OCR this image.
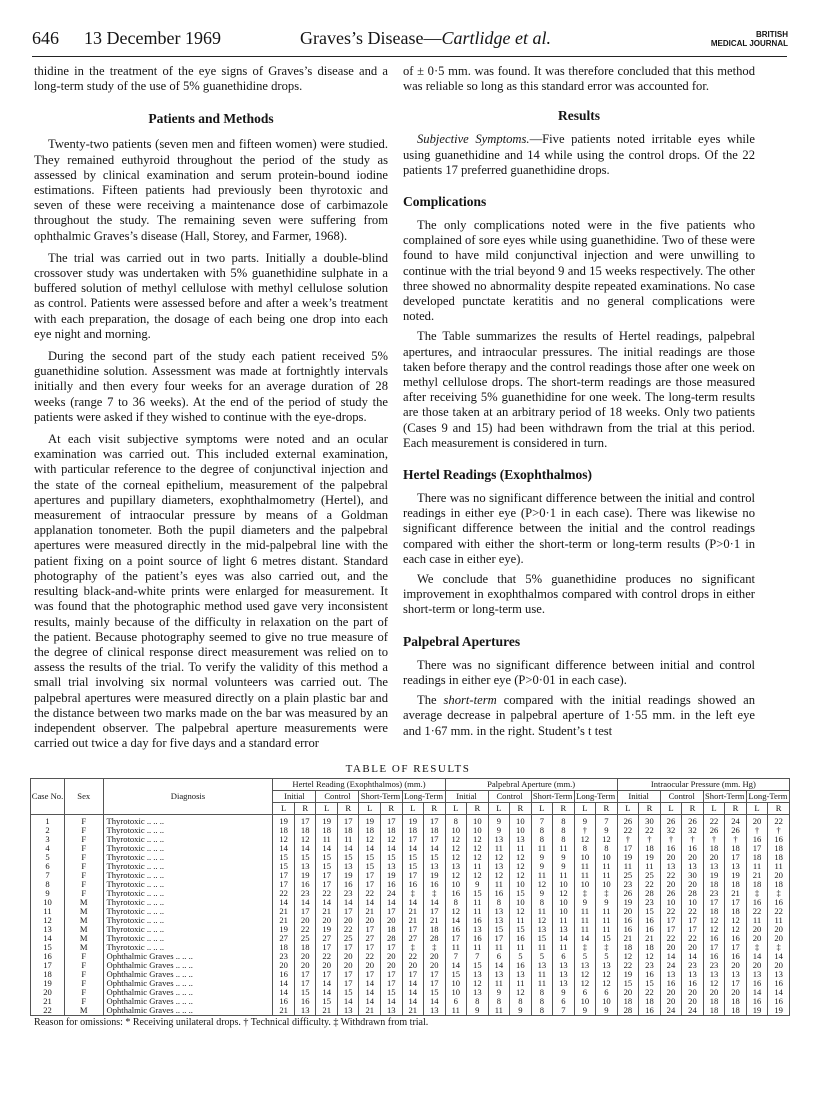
646 13 December 1969	Graves’s Disease—Cartlidge et al.	BRITISH
MEDICAL JOURNAL

thidine in the treatment of the eye signs of Graves’s disease and a long-term study of the use of 5% guanethidine drops.

Patients and Methods

Twenty-two patients (seven men and fifteen women) were studied. They remained euthyroid throughout the period of the study as assessed by clinical examination and serum protein-bound iodine estimations. Fifteen patients had previously been thyrotoxic and seven of these were receiving a maintenance dose of carbimazole throughout the study. The remaining seven were suffering from ophthalmic Graves’s disease (Hall, Storey, and Farmer, 1968).

The trial was carried out in two parts. Initially a double-blind crossover study was undertaken with 5% guanethidine sulphate in a buffered solution of methyl cellulose with methyl cellulose solution as control. Patients were assessed before and after a week’s treatment with each preparation, the dosage of each being one drop into each eye night and morning.

During the second part of the study each patient received 5% guanethidine solution. Assessment was made at fortnightly intervals initially and then every four weeks for an average duration of 28 weeks (range 7 to 36 weeks). At the end of the period of study the patients were asked if they wished to continue with the eye-drops.

At each visit subjective symptoms were noted and an ocular examination was carried out. This included external examination, with particular reference to the degree of conjunctival injection and the state of the corneal epithelium, measurement of the palpebral apertures and pupillary diameters, exophthalmometry (Hertel), and measurement of intraocular pressure by means of a Goldman applanation tonometer. Both the pupil diameters and the palpebral apertures were measured directly in the mid-palpebral line with the patient fixing on a point source of light 6 metres distant. Standard photography of the patient’s eyes was also carried out, and the resulting black-and-white prints were enlarged for measurement. It was found that the photographic method used gave very inconsistent results, mainly because of the difficulty in relaxation on the part of the patient. Because photography seemed to give no true measure of the degree of clinical response direct measurement was relied on to assess the results of the trial. To verify the validity of this method a small trial involving six normal volunteers was carried out. The palpebral apertures were measured directly on a plain plastic bar and the distance between two marks made on the bar was measured by an independent observer. The palpebral aperture measurements were carried out twice a day for five days and a standard error

of ± 0·5 mm. was found. It was therefore concluded that this method was reliable so long as this standard error was accounted for.

Results

Subjective Symptoms.—Five patients noted irritable eyes while using guanethidine and 14 while using the control drops. Of the 22 patients 17 preferred guanethidine drops.

Complications

The only complications noted were in the five patients who complained of sore eyes while using guanethidine. Two of these were found to have mild conjunctival injection and were unwilling to continue with the trial beyond 9 and 15 weeks respectively. The other three showed no abnormality despite repeated examinations. No case developed punctate keratitis and no general complications were noted.

The Table summarizes the results of Hertel readings, palpebral apertures, and intraocular pressures. The initial readings are those taken before therapy and the control readings those after one week on methyl cellulose drops. The short-term readings are those measured after receiving 5% guanethidine for one week. The long-term results are those taken at an arbitrary period of 18 weeks. Only two patients (Cases 9 and 15) had been withdrawn from the trial at this period. Each measurement is considered in turn.

Hertel Readings (Exophthalmos)

There was no significant difference between the initial and control readings in either eye (P>0·1 in each case). There was likewise no significant difference between the initial and the control readings compared with either the short-term or long-term results (P>0·1 in each case in either eye).

We conclude that 5% guanethidine produces no significant improvement in exophthalmos compared with control drops in either short-term or long-term use.

Palpebral Apertures

There was no significant difference between initial and control readings in either eye (P>0·01 in each case).

The short-term compared with the initial readings showed an average decrease in palpebral aperture of 1·55 mm. in the left eye and 1·67 mm. in the right. Student’s t test

TABLE OF RESULTS
Case No.	Sex	Diagnosis	Hertel Reading (Exophthalmos) (mm.)								Palpebral Aperture (mm.)								Intraocular Pressure (mm. Hg)							
			Initial		Control		Short-Term		Long-Term		Initial		Control		Short-Term		Long-Term		Initial		Control		Short-Term		Long-Term	
			L	R	L	R	L	R	L	R	L	R	L	R	L	R	L	R	L	R	L	R	L	R	L	R
1	F	Thyrotoxic .. .. ..	19	17	19	17	19	17	19	17	8	10	9	10	7	8	9	7	26	30	26	26	22	24	20	22
2	F	Thyrotoxic .. .. ..	18	18	18	18	18	18	18	18	10	10	9	10	8	8	†	9	22	22	32	32	26	26	†	†
3	F	Thyrotoxic .. .. ..	12	12	11	11	12	12	17	17	12	12	13	13	8	8	12	12	†	†	†	†	†	†	16	16
4	F	Thyrotoxic .. .. ..	14	14	14	14	14	14	14	14	12	12	11	11	11	11	8	8	17	18	16	16	18	18	17	18
5	F	Thyrotoxic .. .. ..	15	15	15	15	15	15	15	15	12	12	12	12	9	9	10	10	19	19	20	20	20	17	18	18
6	F	Thyrotoxic .. .. ..	15	13	15	13	15	13	15	13	13	11	13	12	9	9	11	11	11	11	13	13	13	13	11	11
7	F	Thyrotoxic .. .. ..	17	19	17	19	17	19	17	19	12	12	12	12	11	11	11	11	25	25	22	30	19	19	21	20
8	F	Thyrotoxic .. .. ..	17	16	17	16	17	16	16	16	10	9	11	10	12	10	10	10	23	22	20	20	18	18	18	18
9	F	Thyrotoxic .. .. ..	22	23	22	23	22	24	‡	‡	16	15	16	15	9	12	‡	‡	26	28	26	28	23	21	‡	‡
10	M	Thyrotoxic .. .. ..	14	14	14	14	14	14	14	14	8	11	8	10	8	10	9	9	19	23	10	10	17	17	16	16
11	M	Thyrotoxic .. .. ..	21	17	21	17	21	17	21	17	12	11	13	12	11	10	11	11	20	15	22	22	18	18	22	22
12	M	Thyrotoxic .. .. ..	21	20	20	20	20	20	21	21	14	16	13	11	12	11	11	11	16	16	17	17	12	12	11	11
13	M	Thyrotoxic .. .. ..	19	22	19	22	17	18	17	18	16	13	15	15	13	13	11	11	16	16	17	17	12	12	20	20
14	M	Thyrotoxic .. .. ..	27	25	27	25	27	28	27	28	17	16	17	16	15	14	14	15	21	21	22	22	16	16	20	20
15	M	Thyrotoxic .. .. ..	18	18	17	17	17	17	‡	‡	11	11	11	11	11	11	‡	‡	18	18	20	20	17	17	‡	‡
16	F	Ophthalmic Graves .. .. ..	23	20	22	20	22	20	22	20	7	7	6	5	5	6	5	5	12	12	14	14	16	16	14	14
17	F	Ophthalmic Graves .. .. ..	20	20	20	20	20	20	20	20	14	15	14	16	13	13	13	13	22	23	24	23	23	20	20	20
18	F	Ophthalmic Graves .. .. ..	16	17	17	17	17	17	17	17	15	13	13	13	11	13	12	12	19	16	13	13	13	13	13	13
19	F	Ophthalmic Graves .. .. ..	14	17	14	17	14	17	14	17	10	12	11	11	11	13	12	12	15	15	16	16	12	17	16	16
20	F	Ophthalmic Graves .. .. ..	14	15	14	15	14	15	14	15	10	13	9	12	8	9	6	6	20	22	20	20	20	20	14	14
21	F	Ophthalmic Graves .. .. ..	16	16	15	14	14	14	14	14	6	8	8	8	8	6	10	10	18	18	20	20	18	18	16	16
22	M	Ophthalmic Graves .. .. ..	21	13	21	13	21	13	21	13	11	9	11	9	8	7	9	9	28	16	24	24	18	18	19	19
Reason for omissions: * Receiving unilateral drops. † Technical difficulty. ‡ Withdrawn from trial.
